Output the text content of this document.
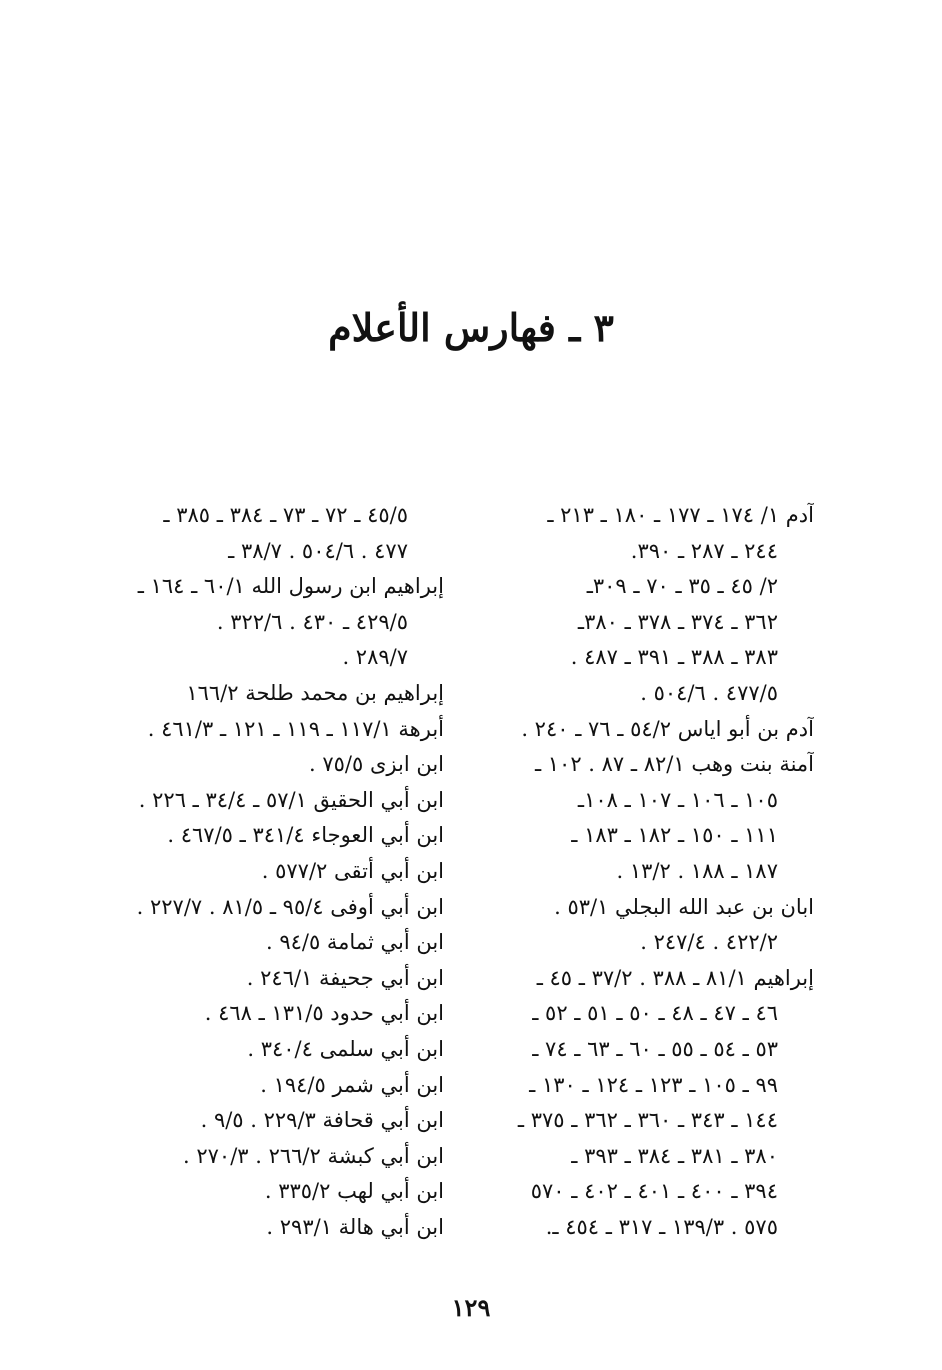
٣ ـ فهارس الأعلام
آدم ١/ ١٧٤ ـ ١٧٧ ـ ١٨٠ ـ ٢١٣ ـ
٢٤٤ ـ ٢٨٧ ـ ٣٩٠.
٢/ ٤٥ ـ ٣٥ ـ ٧٠ ـ ٣٠٩ـ
٣٦٢ ـ ٣٧٤ ـ ٣٧٨ ـ ٣٨٠ـ
٣٨٣ ـ ٣٨٨ ـ ٣٩١ ـ ٤٨٧ .
٤٧٧/٥ . ٥٠٤/٦ .
آدم بن أبو اياس ٥٤/٢ ـ ٧٦ ـ ٢٤٠ .
آمنة بنت وهب ٨٢/١ ـ ٨٧ . ١٠٢ ـ
١٠٥ ـ ١٠٦ ـ ١٠٧ ـ ١٠٨ـ
١١١ ـ ١٥٠ ـ ١٨٢ ـ ١٨٣ ـ
١٨٧ ـ ١٨٨ . ١٣/٢ .
ابان بن عبد الله البجلي ٥٣/١ .
٤٢٢/٢ . ٢٤٧/٤ .
إبراهيم ٨١/١ ـ ٣٨٨ . ٣٧/٢ ـ ٤٥ ـ
٤٦ ـ ٤٧ ـ ٤٨ ـ ٥٠ ـ ٥١ ـ ٥٢ ـ
٥٣ ـ ٥٤ ـ ٥٥ ـ ٦٠ ـ ٦٣ ـ ٧٤ ـ
٩٩ ـ ١٠٥ ـ ١٢٣ ـ ١٢٤ ـ ١٣٠ ـ
١٤٤ ـ ٣٤٣ ـ ٣٦٠ ـ ٣٦٢ ـ ٣٧٥ ـ
٣٨٠ ـ ٣٨١ ـ ٣٨٤ ـ ٣٩٣ ـ
٣٩٤ ـ ٤٠٠ ـ ٤٠١ ـ ٤٠٢ ـ ٥٧٠
٥٧٥ . ١٣٩/٣ ـ ٣١٧ ـ ٤٥٤ ـ.
٤٥/٥ ـ ٧٢ ـ ٧٣ ـ ٣٨٤ ـ ٣٨٥ ـ
٤٧٧ . ٥٠٤/٦ . ٣٨/٧ ـ
إبراهيم ابن رسول الله ٦٠/١ ـ ١٦٤ ـ
٤٢٩/٥ ـ ٤٣٠ . ٣٢٢/٦ .
٢٨٩/٧ .
إبراهيم بن محمد طلحة ١٦٦/٢
أبرهة ١١٧/١ ـ ١١٩ ـ ١٢١ ـ ٤٦١/٣ .
ابن ابزى ٧٥/٥ .
ابن أبي الحقيق ٥٧/١ ـ ٣٤/٤ ـ ٢٢٦ .
ابن أبي العوجاء ٣٤١/٤ ـ ٤٦٧/٥ .
ابن أبي أتقى ٥٧٧/٢ .
ابن أبي أوفى ٩٥/٤ ـ ٨١/٥ . ٢٢٧/٧ .
ابن أبي ثمامة ٩٤/٥ .
ابن أبي جحيفة ٢٤٦/١ .
ابن أبي حدود ١٣١/٥ ـ ٤٦٨ .
ابن أبي سلمى ٣٤٠/٤ .
ابن أبي شمر ١٩٤/٥ .
ابن أبي قحافة ٢٢٩/٣ . ٩/٥ .
ابن أبي كبشة ٢٦٦/٢ . ٢٧٠/٣ .
ابن أبي لهب ٣٣٥/٢ .
ابن أبي هالة ٢٩٣/١ .
١٢٩
